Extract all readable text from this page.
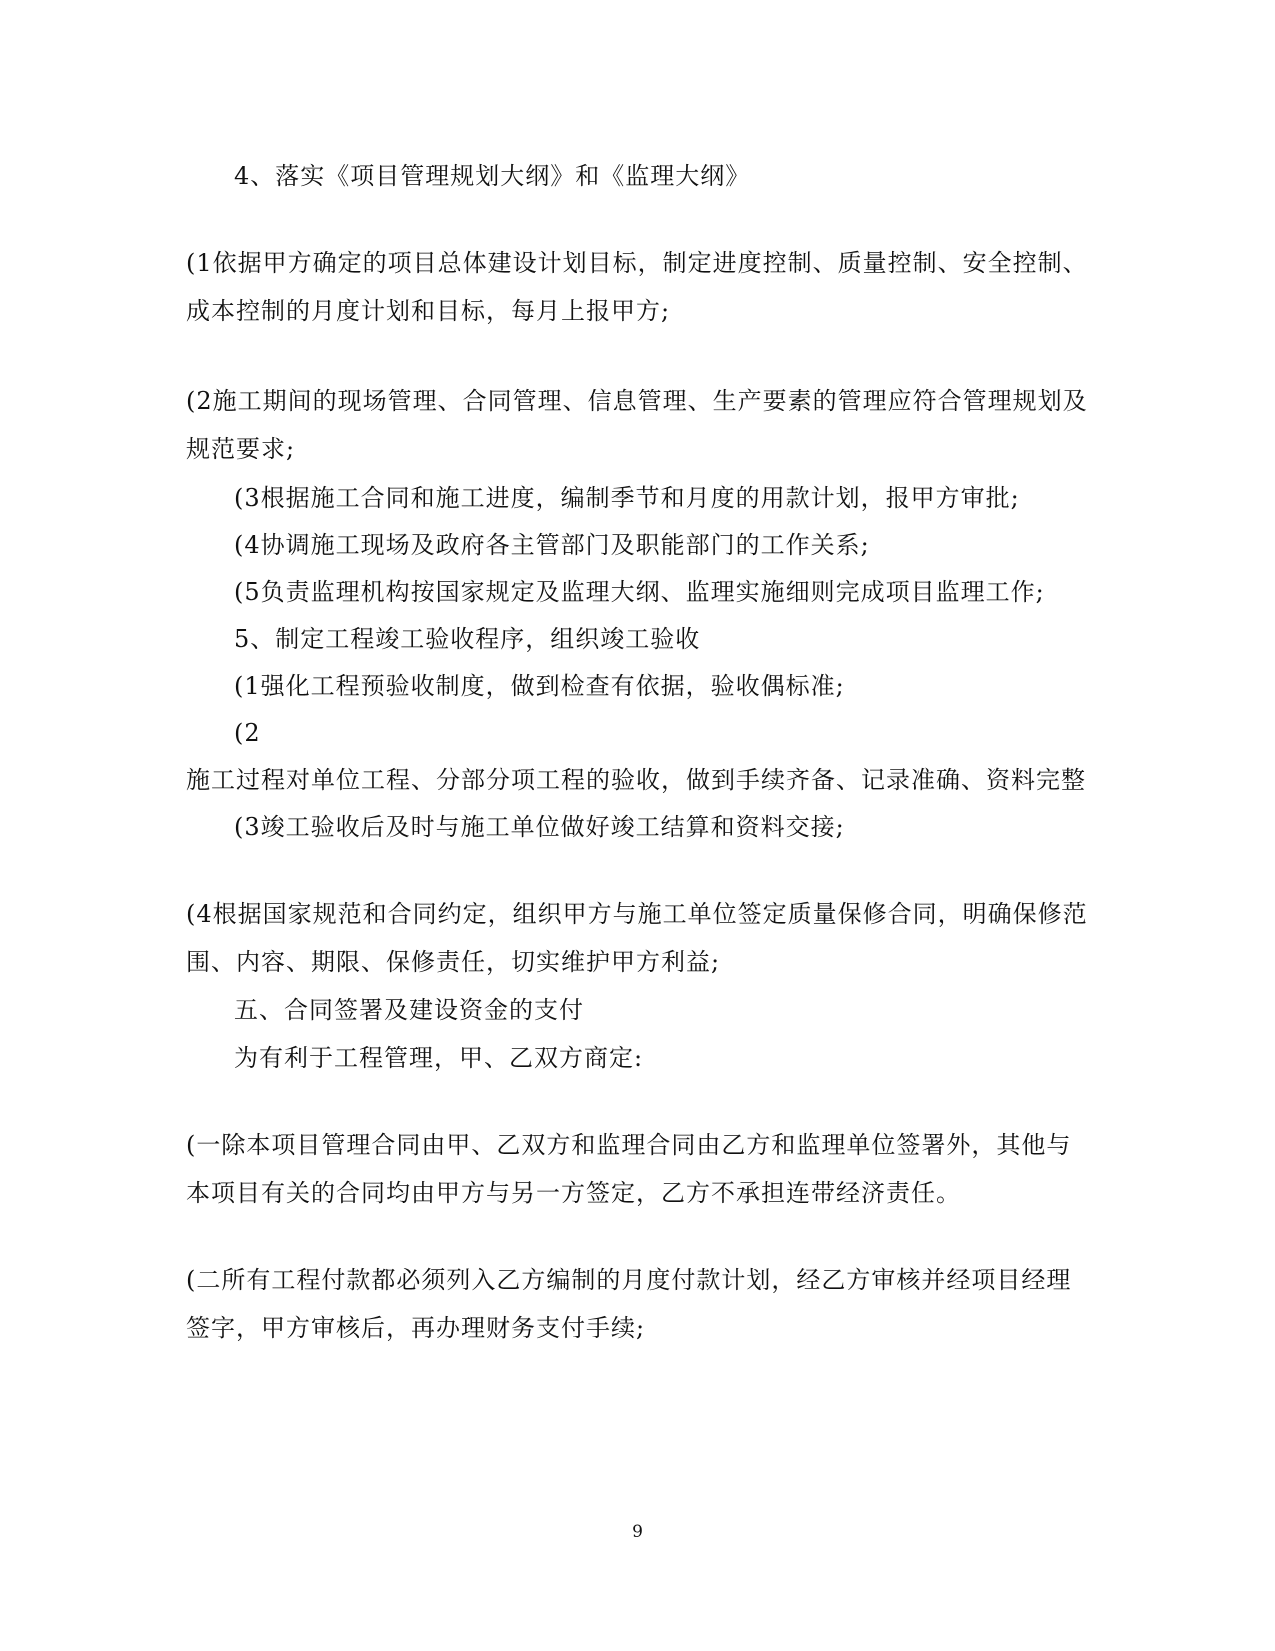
4、落实《项目管理规划大纲》和《监理大纲》
(1依据甲方确定的项目总体建设计划目标，制定进度控制、质量控制、安全控制、
成本控制的月度计划和目标，每月上报甲方;
(2施工期间的现场管理、合同管理、信息管理、生产要素的管理应符合管理规划及
规范要求;
(3根据施工合同和施工进度，编制季节和月度的用款计划，报甲方审批;
(4协调施工现场及政府各主管部门及职能部门的工作关系;
(5负责监理机构按国家规定及监理大纲、监理实施细则完成项目监理工作;
5、制定工程竣工验收程序，组织竣工验收
(1强化工程预验收制度，做到检查有依据，验收偶标准;
(2
施工过程对单位工程、分部分项工程的验收，做到手续齐备、记录准确、资料完整
(3竣工验收后及时与施工单位做好竣工结算和资料交接;
(4根据国家规范和合同约定，组织甲方与施工单位签定质量保修合同，明确保修范
围、内容、期限、保修责任，切实维护甲方利益;
五、合同签署及建设资金的支付
为有利于工程管理，甲、乙双方商定:
(一除本项目管理合同由甲、乙双方和监理合同由乙方和监理单位签署外，其他与
本项目有关的合同均由甲方与另一方签定，乙方不承担连带经济责任。
(二所有工程付款都必须列入乙方编制的月度付款计划，经乙方审核并经项目经理
签字，甲方审核后，再办理财务支付手续;
9
